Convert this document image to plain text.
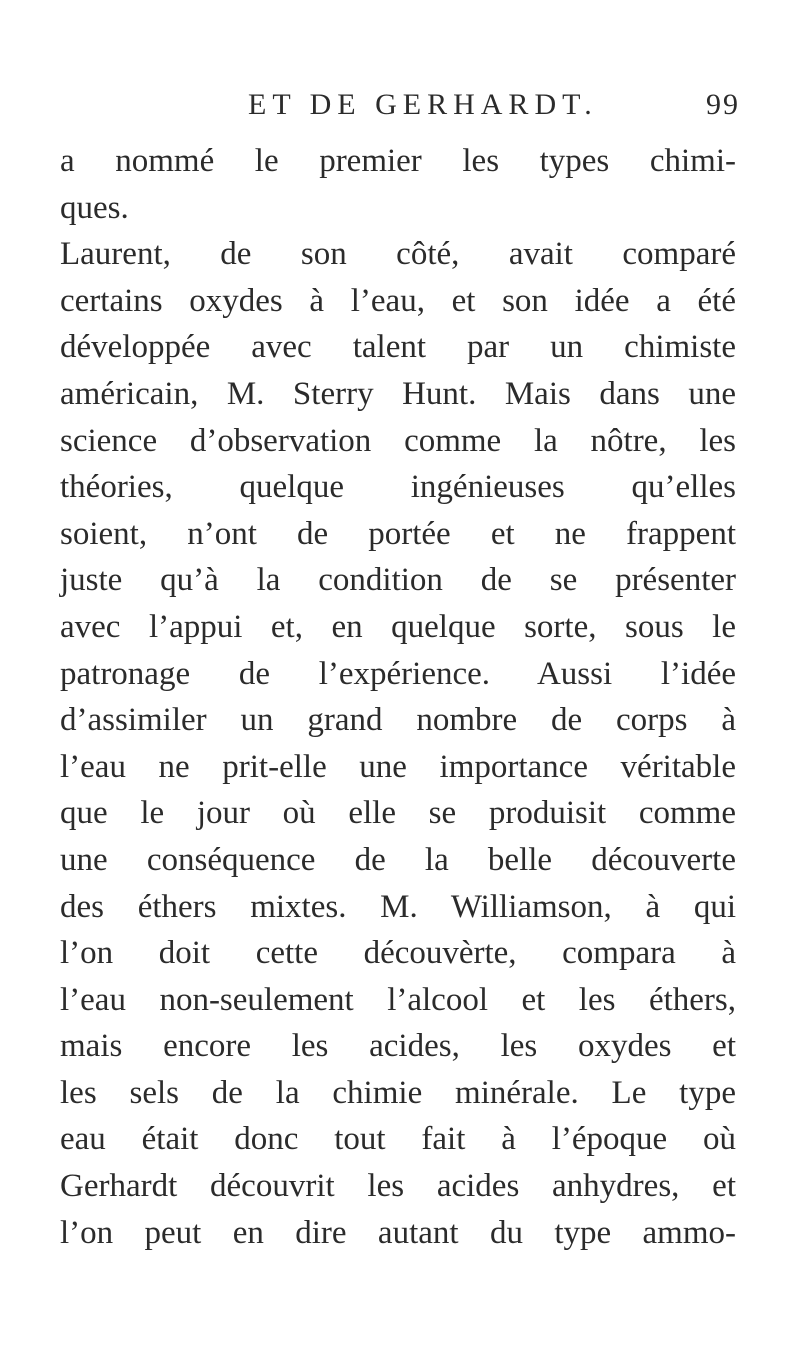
ET DE GERHARDT.	99
a nommé le premier les types chimi-
ques.
Laurent, de son côté, avait comparé
certains oxydes à l’eau, et son idée a été
développée avec talent par un chimiste
américain, M. Sterry Hunt. Mais dans une
science d’observation comme la nôtre, les
théories, quelque ingénieuses qu’elles
soient, n’ont de portée et ne frappent
juste qu’à la condition de se présenter
avec l’appui et, en quelque sorte, sous le
patronage de l’expérience. Aussi l’idée
d’assimiler un grand nombre de corps à
l’eau ne prit-elle une importance véritable
que le jour où elle se produisit comme
une conséquence de la belle découverte
des éthers mixtes. M. Williamson, à qui
l’on doit cette découvèrte, compara à
l’eau non-seulement l’alcool et les éthers,
mais encore les acides, les oxydes et
les sels de la chimie minérale. Le type
eau était donc tout fait à l’époque où
Gerhardt découvrit les acides anhydres, et
l’on peut en dire autant du type ammo-
